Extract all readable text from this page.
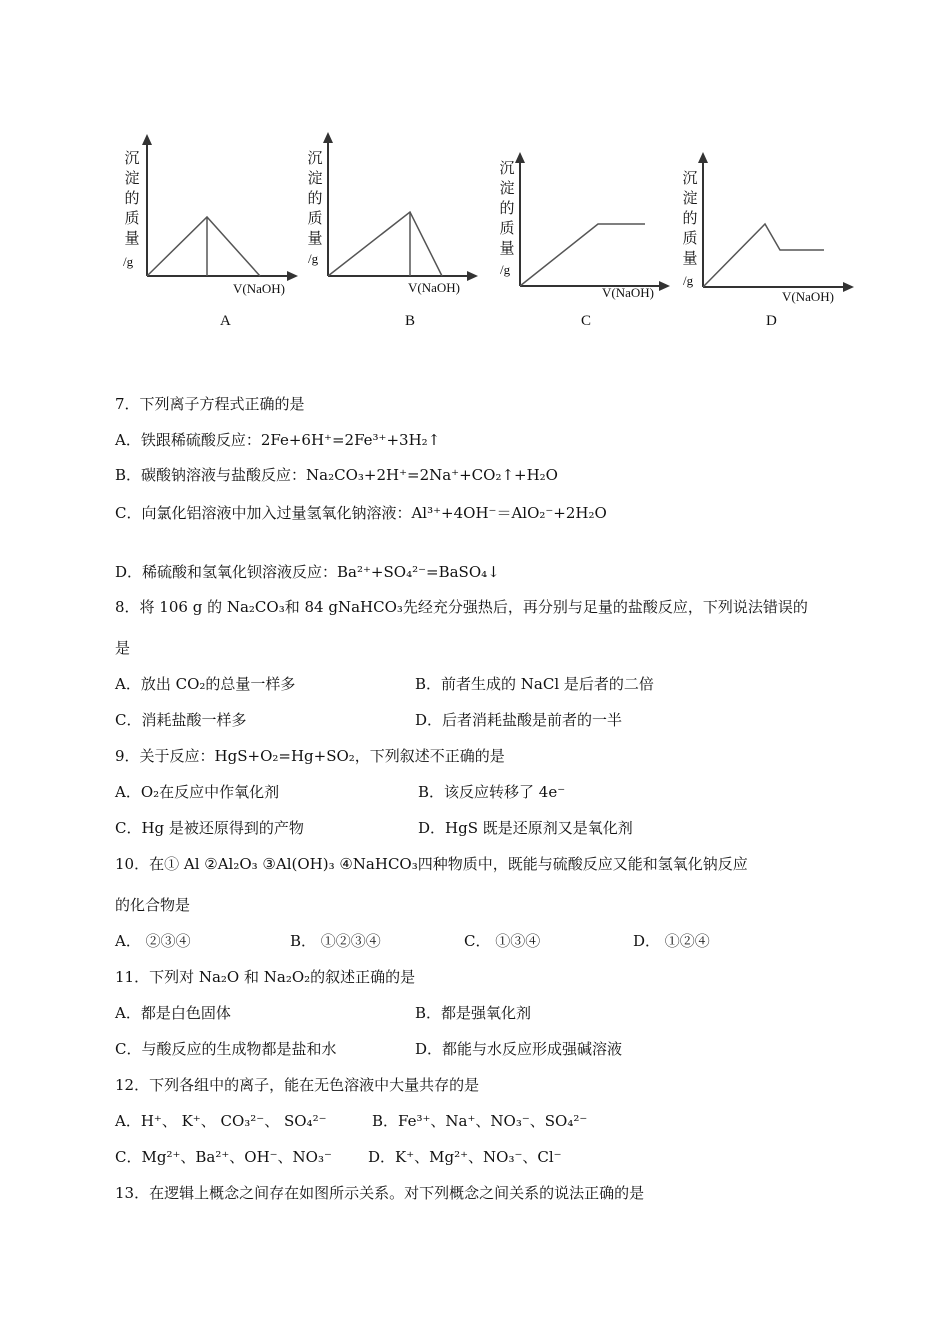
沉
淀
的
质
量
/g
V(NaOH)
A
沉
淀
的
质
量
/g
V(NaOH)
B
沉
淀
的
质
量
/g
V(NaOH)
C
沉
淀
的
质
量
/g
V(NaOH)
D
7．下列离子方程式正确的是
A．铁跟稀硫酸反应：2Fe+6H⁺=2Fe³⁺+3H₂↑
B．碳酸钠溶液与盐酸反应：Na₂CO₃+2H⁺=2Na⁺+CO₂↑+H₂O
C．向氯化铝溶液中加入过量氢氧化钠溶液：Al³⁺+4OH⁻＝AlO₂⁻+2H₂O
D．稀硫酸和氢氧化钡溶液反应：Ba²⁺+SO₄²⁻=BaSO₄↓
8．将 106 g 的 Na₂CO₃和 84 gNaHCO₃先经充分强热后，再分别与足量的盐酸反应，下列说法错误的
是
A．放出 CO₂的总量一样多	B．前者生成的 NaCl 是后者的二倍
C．消耗盐酸一样多	D．后者消耗盐酸是前者的一半
9．关于反应：HgS+O₂=Hg+SO₂，下列叙述不正确的是
A．O₂在反应中作氧化剂	B．该反应转移了 4e⁻
C．Hg 是被还原得到的产物	D．HgS 既是还原剂又是氧化剂
10．在① Al ②Al₂O₃ ③Al(OH)₃ ④NaHCO₃四种物质中，既能与硫酸反应又能和氢氧化钠反应
的化合物是
A． ②③④	B． ①②③④	C． ①③④	D． ①②④
11．下列对 Na₂O 和 Na₂O₂的叙述正确的是
A．都是白色固体	B．都是强氧化剂
C．与酸反应的生成物都是盐和水	D．都能与水反应形成强碱溶液
12．下列各组中的离子，能在无色溶液中大量共存的是
A．H⁺、 K⁺、 CO₃²⁻、 SO₄²⁻	B．Fe³⁺、Na⁺、NO₃⁻、SO₄²⁻
C．Mg²⁺、Ba²⁺、OH⁻、NO₃⁻ D．K⁺、Mg²⁺、NO₃⁻、Cl⁻
13．在逻辑上概念之间存在如图所示关系。对下列概念之间关系的说法正确的是
